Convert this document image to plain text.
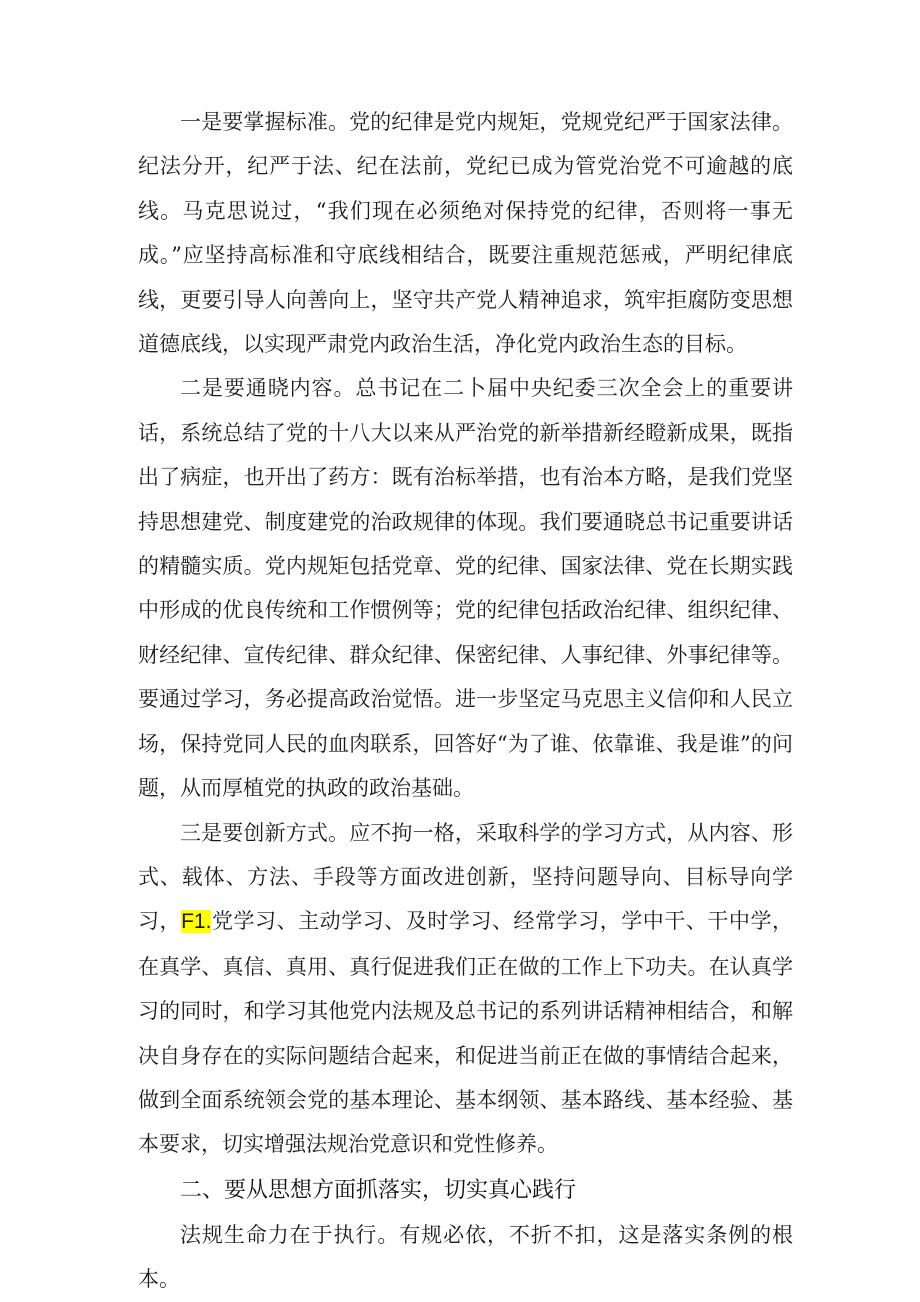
一是要掌握标准。党的纪律是党内规矩，党规党纪严于国家法律。纪法分开，纪严于法、纪在法前，党纪已成为管党治党不可逾越的底线。马克思说过，“我们现在必须绝对保持党的纪律，否则将一事无成。”应坚持高标准和守底线相结合，既要注重规范惩戒，严明纪律底线，更要引导人向善向上，坚守共产党人精神追求，筑牢拒腐防变思想道德底线，以实现严肃党内政治生活，净化党内政治生态的目标。

二是要通晓内容。总书记在二卜届中央纪委三次全会上的重要讲话，系统总结了党的十八大以来从严治党的新举措新经瞪新成果，既指出了病症，也开出了药方：既有治标举措，也有治本方略，是我们党坚持思想建党、制度建党的治政规律的体现。我们要通晓总书记重要讲话的精髓实质。党内规矩包括党章、党的纪律、国家法律、党在长期实践中形成的优良传统和工作惯例等；党的纪律包括政治纪律、组织纪律、财经纪律、宣传纪律、群众纪律、保密纪律、人事纪律、外事纪律等。要通过学习，务必提高政治觉悟。进一步坚定马克思主义信仰和人民立场，保持党同人民的血肉联系，回答好“为了谁、依靠谁、我是谁”的问题，从而厚植党的执政的政治基础。

三是要创新方式。应不拘一格，采取科学的学习方式，从内容、形式、载体、方法、手段等方面改进创新，坚持问题导向、目标导向学习，F1.党学习、主动学习、及时学习、经常学习，学中干、干中学，在真学、真信、真用、真行促进我们正在做的工作上下功夫。在认真学习的同时，和学习其他党内法规及总书记的系列讲话精神相结合，和解决自身存在的实际问题结合起来，和促进当前正在做的事情结合起来，做到全面系统领会党的基本理论、基本纲领、基本路线、基本经验、基本要求，切实增强法规治党意识和党性修养。

二、要从思想方面抓落实，切实真心践行

法规生命力在于执行。有规必依，不折不扣，这是落实条例的根本。
